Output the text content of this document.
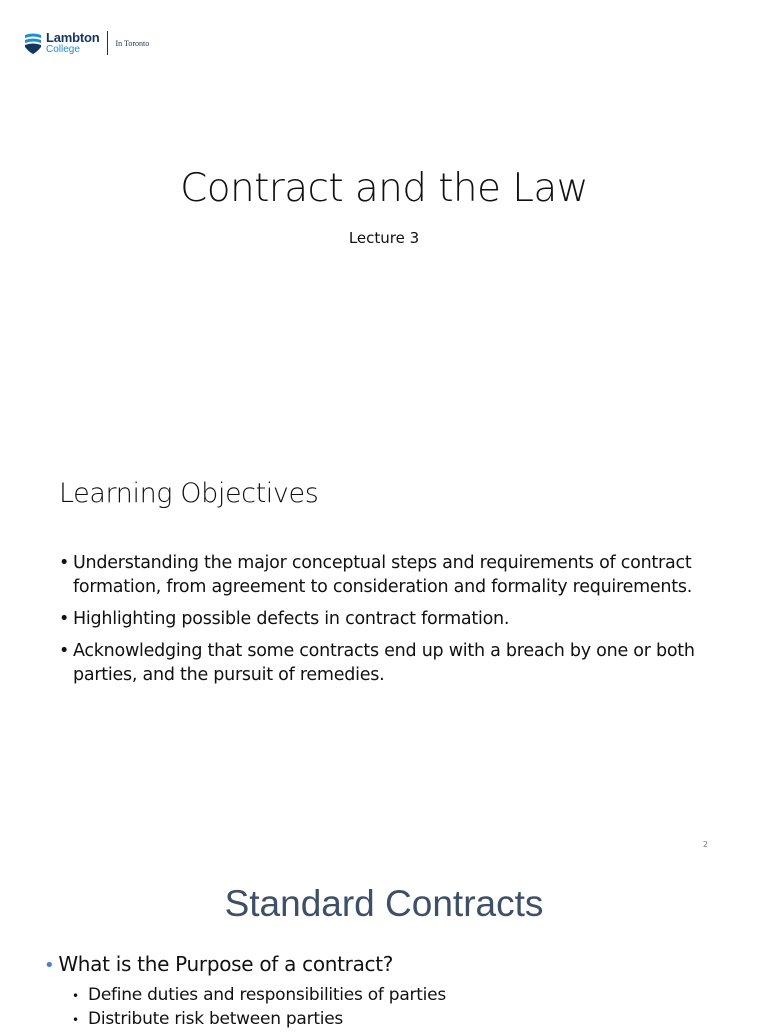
Lambton
College
In Toronto
Contract and the Law
Lecture 3
Learning Objectives
• Understanding the major conceptual steps and requirements of contract formation, from agreement to consideration and formality requirements.
• Highlighting possible defects in contract formation.
• Acknowledging that some contracts end up with a breach by one or both parties, and the pursuit of remedies.
2
Standard Contracts
• What is the Purpose of a contract?
• Define duties and responsibilities of parties
• Distribute risk between parties
